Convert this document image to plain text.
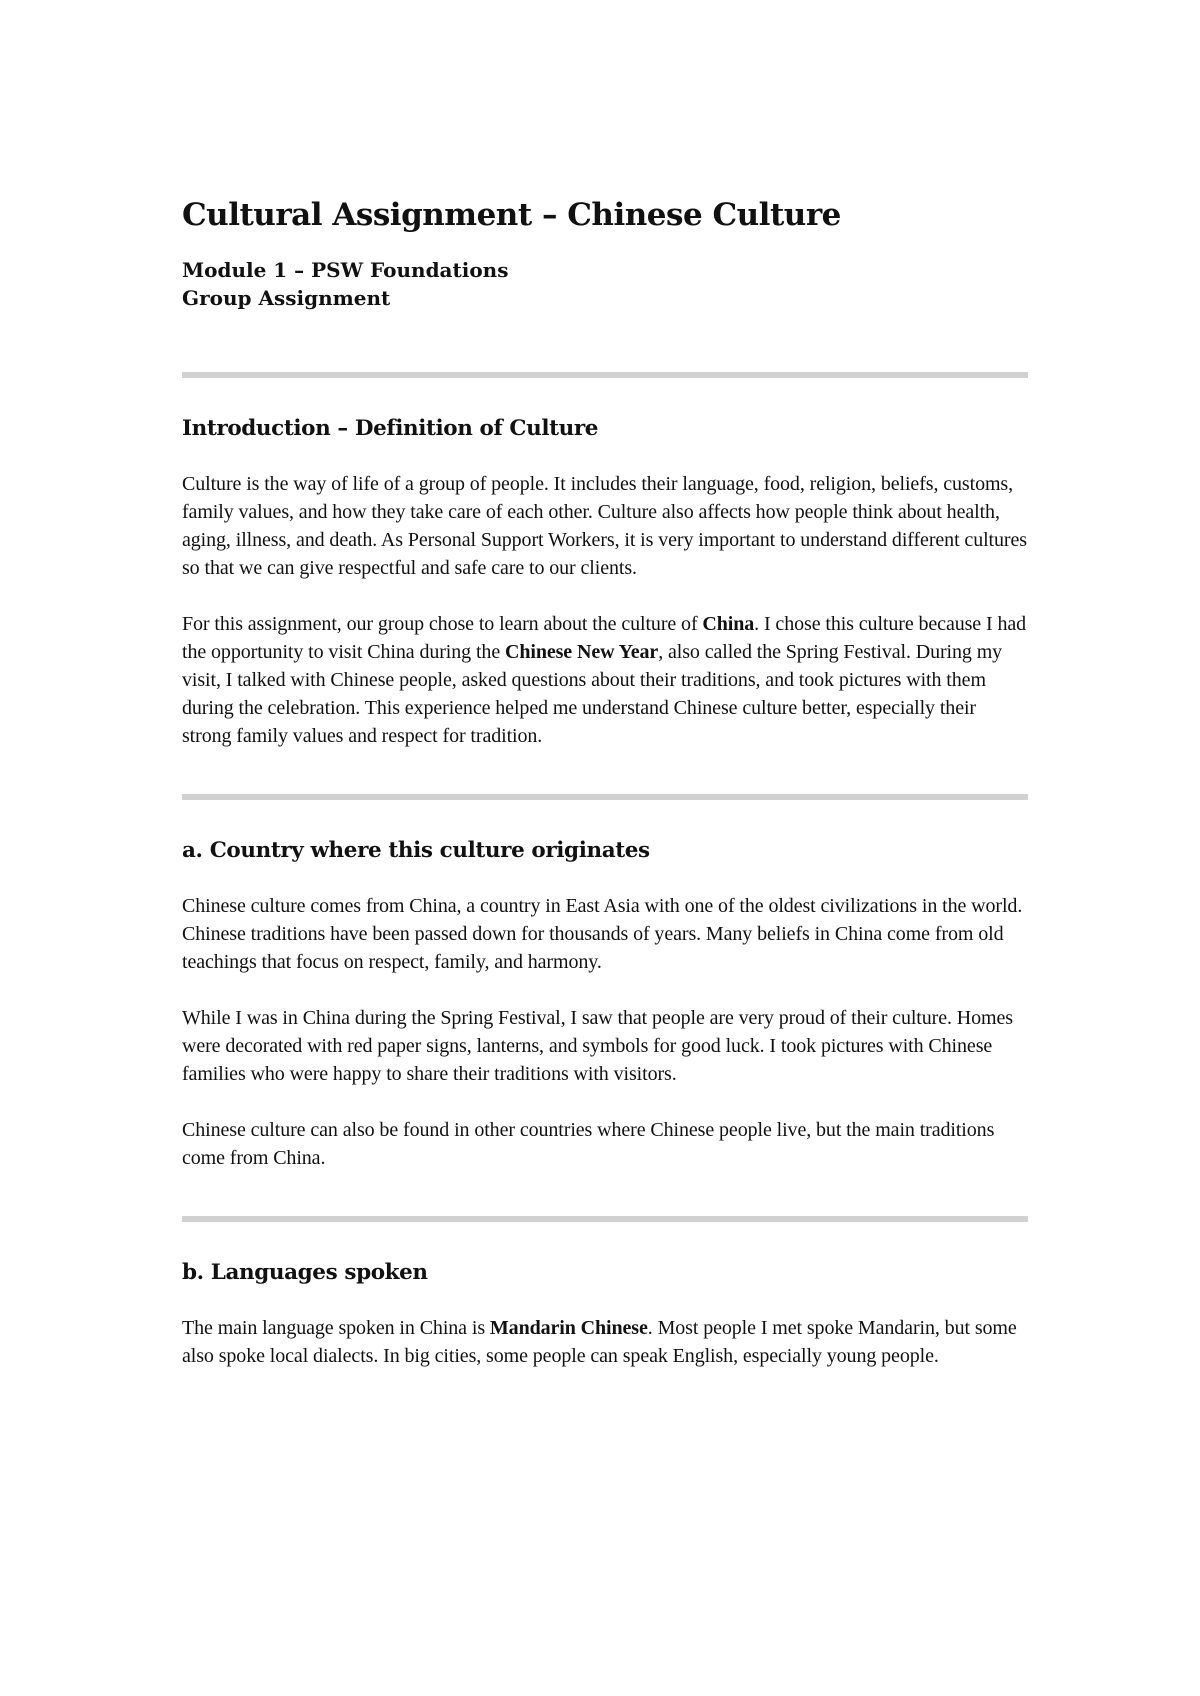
Cultural Assignment – Chinese Culture
Module 1 – PSW Foundations
Group Assignment
Introduction – Definition of Culture

Culture is the way of life of a group of people. It includes their language, food, religion, beliefs, customs, family values, and how they take care of each other. Culture also affects how people think about health, aging, illness, and death. As Personal Support Workers, it is very important to understand different cultures so that we can give respectful and safe care to our clients.

For this assignment, our group chose to learn about the culture of China. I chose this culture because I had the opportunity to visit China during the Chinese New Year, also called the Spring Festival. During my visit, I talked with Chinese people, asked questions about their traditions, and took pictures with them during the celebration. This experience helped me understand Chinese culture better, especially their strong family values and respect for tradition.

a. Country where this culture originates

Chinese culture comes from China, a country in East Asia with one of the oldest civilizations in the world. Chinese traditions have been passed down for thousands of years. Many beliefs in China come from old teachings that focus on respect, family, and harmony.

While I was in China during the Spring Festival, I saw that people are very proud of their culture. Homes were decorated with red paper signs, lanterns, and symbols for good luck. I took pictures with Chinese families who were happy to share their traditions with visitors.

Chinese culture can also be found in other countries where Chinese people live, but the main traditions come from China.

b. Languages spoken

The main language spoken in China is Mandarin Chinese. Most people I met spoke Mandarin, but some also spoke local dialects. In big cities, some people can speak English, especially young people.
